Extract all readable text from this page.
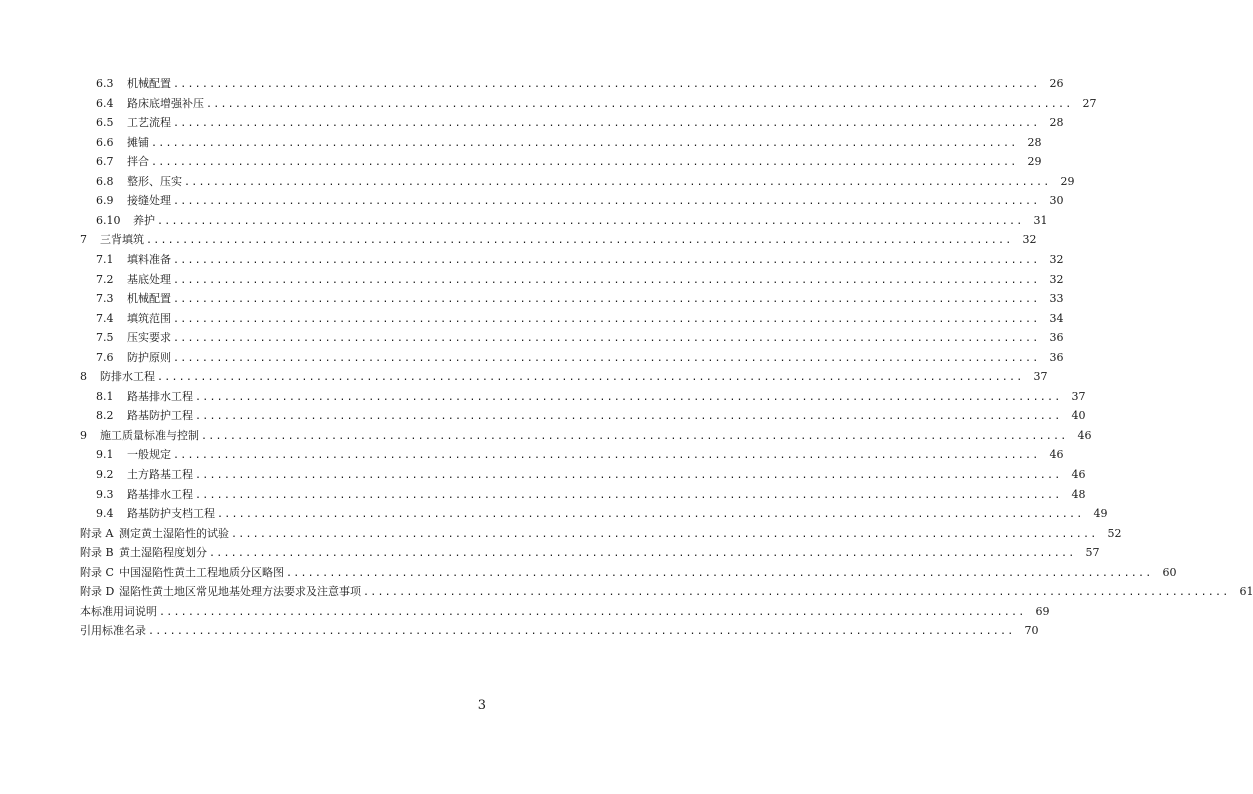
6.3	机械配置 ........................................................................................................................ 26
6.4	路床底增强补压 ........................................................................................................................ 27
6.5	工艺流程 ........................................................................................................................ 28
6.6	摊铺 ........................................................................................................................ 28
6.7	拌合 ........................................................................................................................ 29
6.8	整形、压实 ........................................................................................................................ 29
6.9	接缝处理 ........................................................................................................................ 30
6.10	养护 ........................................................................................................................ 31
7	三背填筑 ........................................................................................................................ 32
7.1	填料准备 ........................................................................................................................ 32
7.2	基底处理 ........................................................................................................................ 32
7.3	机械配置 ........................................................................................................................ 33
7.4	填筑范围 ........................................................................................................................ 34
7.5	压实要求 ........................................................................................................................ 36
7.6	防护原则 ........................................................................................................................ 36
8	防排水工程 ........................................................................................................................ 37
8.1	路基排水工程 ........................................................................................................................ 37
8.2	路基防护工程 ........................................................................................................................ 40
9	施工质量标准与控制 ........................................................................................................................ 46
9.1	一般规定 ........................................................................................................................ 46
9.2	土方路基工程 ........................................................................................................................ 46
9.3	路基排水工程 ........................................................................................................................ 48
9.4	路基防护支档工程 ........................................................................................................................ 49
附录 A 测定黄土湿陷性的试验 ........................................................................................................................ 52
附录 B 黄土湿陷程度划分 ........................................................................................................................ 57
附录 C 中国湿陷性黄土工程地质分区略图 ........................................................................................................................ 60
附录 D 湿陷性黄土地区常见地基处理方法要求及注意事项 ........................................................................................................................ 61
本标准用词说明 ........................................................................................................................ 69
引用标准名录 ........................................................................................................................ 70
3
